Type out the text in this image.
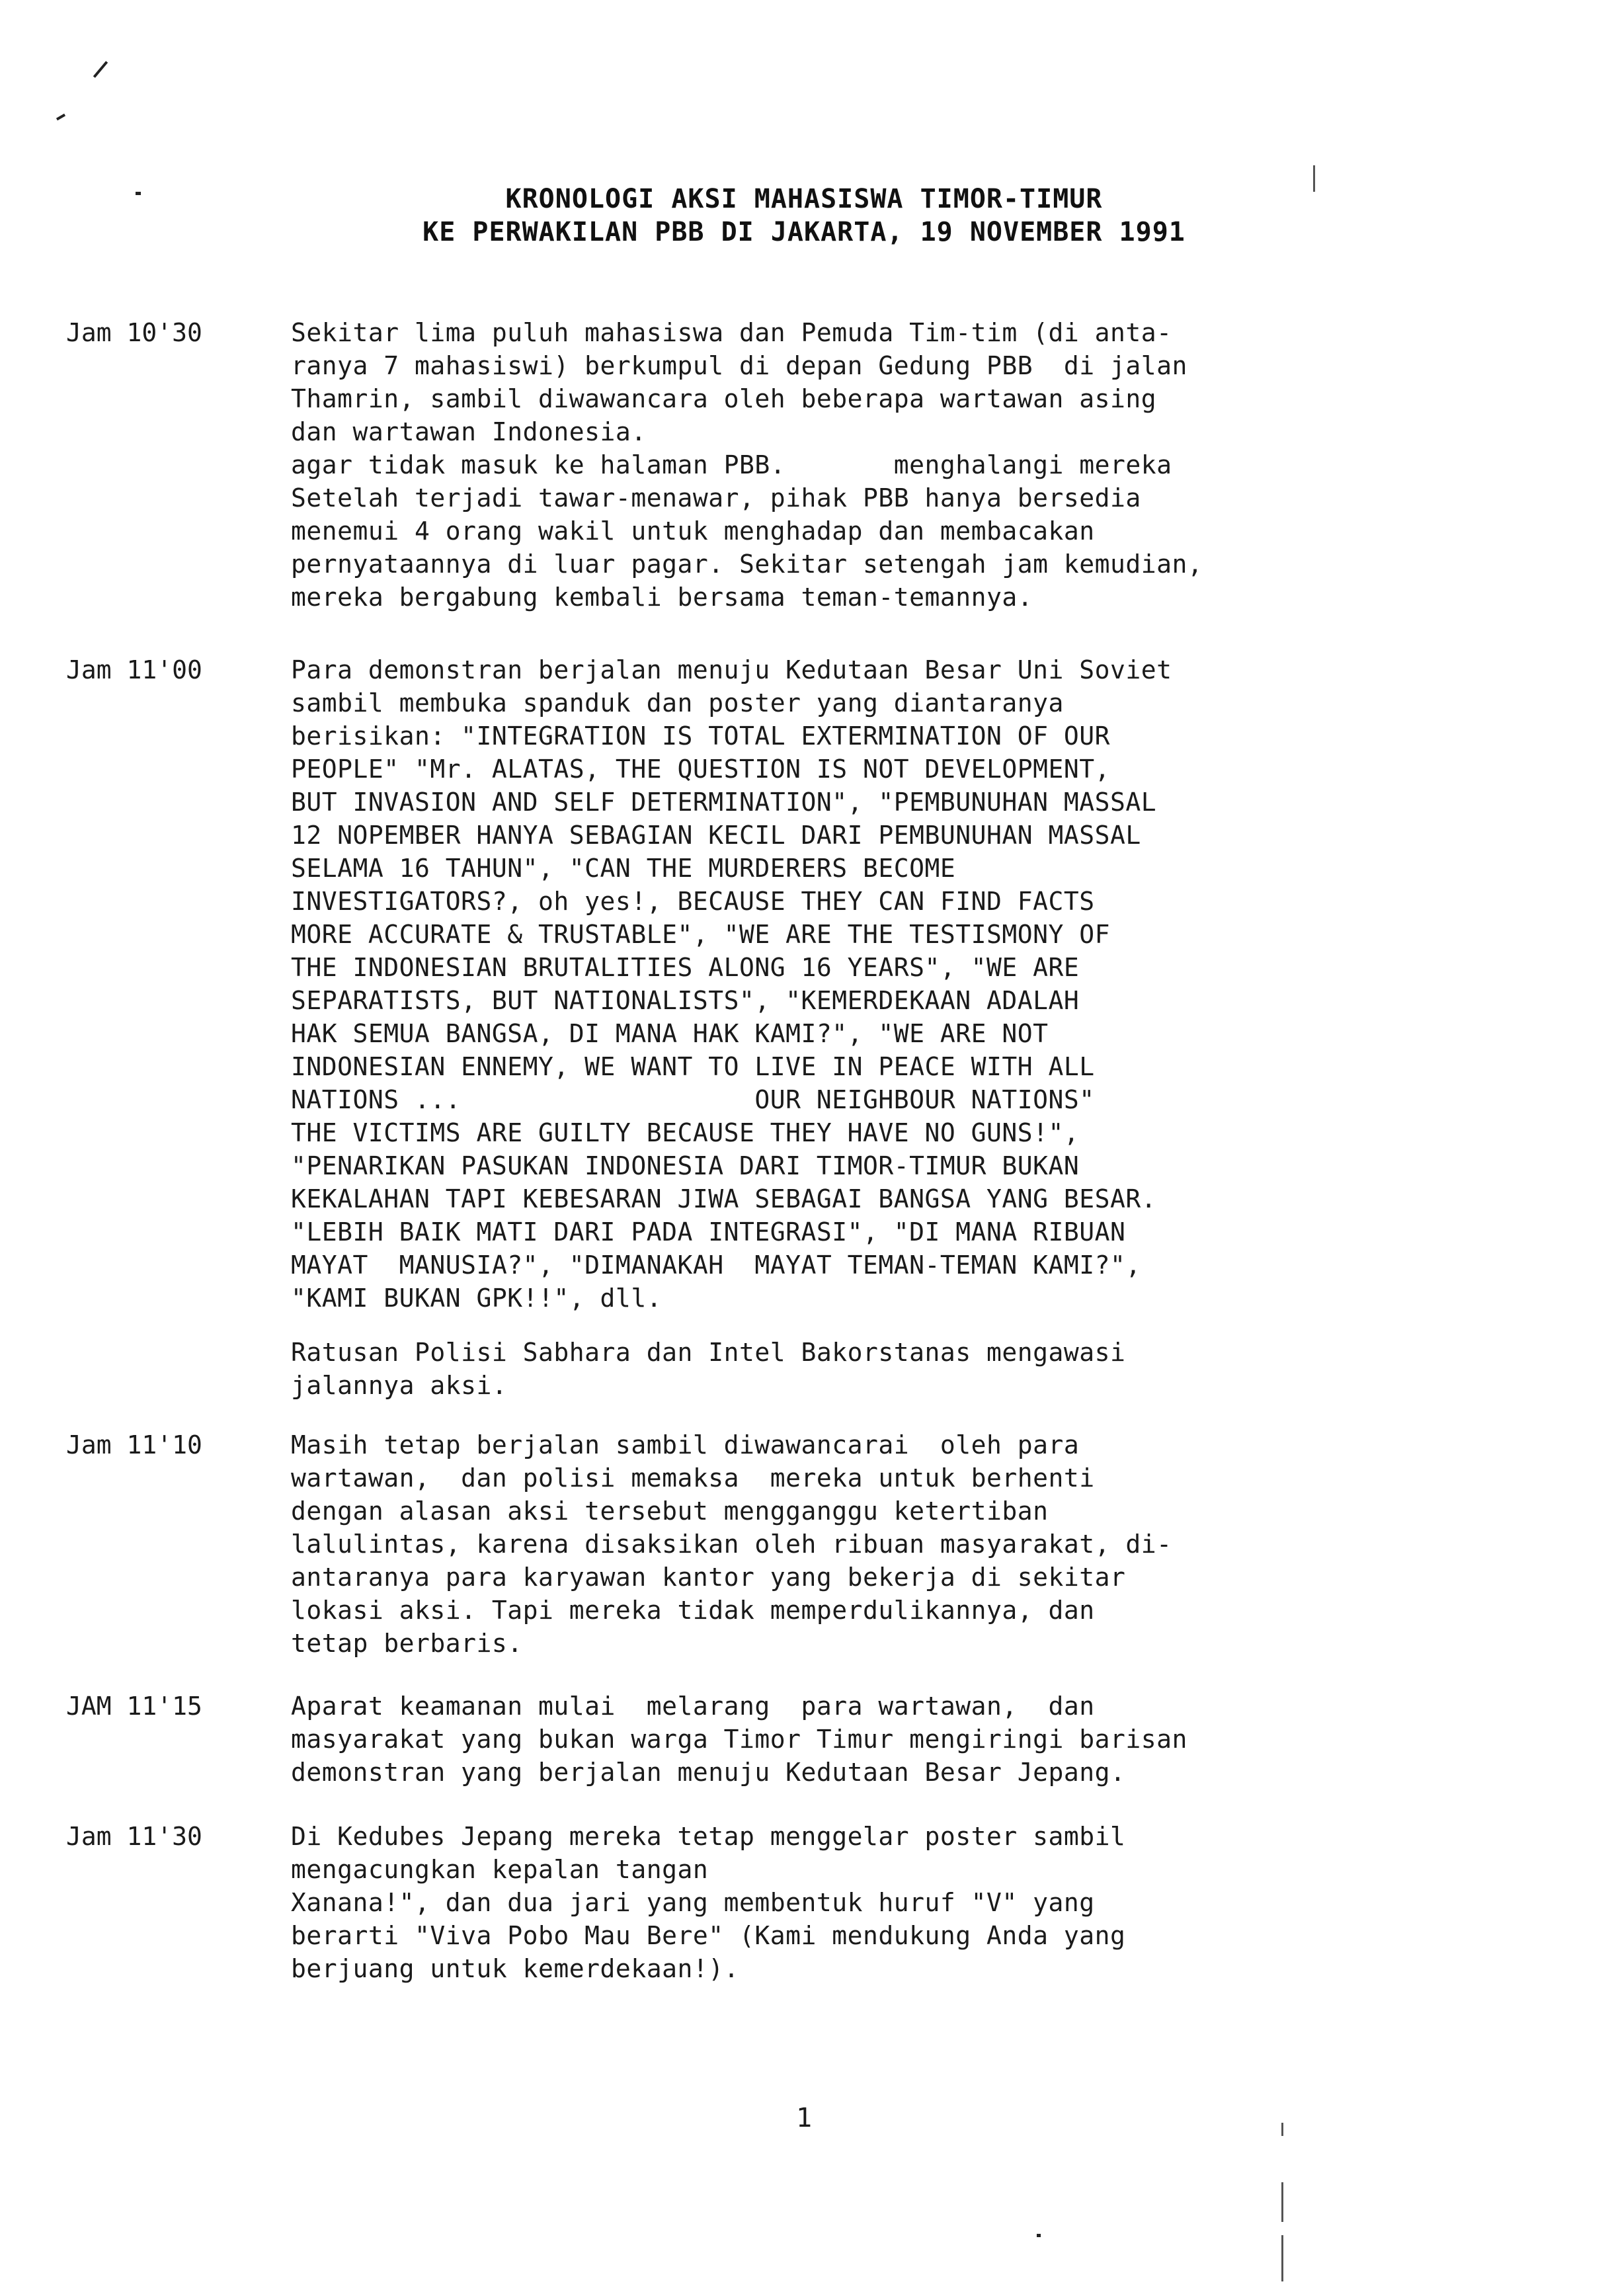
KRONOLOGI AKSI MAHASISWA TIMOR-TIMUR
KE PERWAKILAN PBB DI JAKARTA, 19 NOVEMBER 1991
Jam 10'30	Sekitar lima puluh mahasiswa dan Pemuda Tim-tim (di anta-
ranya 7 mahasiswi) berkumpul di depan Gedung PBB  di jalan
Thamrin, sambil diwawancara oleh beberapa wartawan asing
dan wartawan Indonesia.
agar tidak masuk ke halaman PBB.       menghalangi mereka
Setelah terjadi tawar-menawar, pihak PBB hanya bersedia
menemui 4 orang wakil untuk menghadap dan membacakan
pernyataannya di luar pagar. Sekitar setengah jam kemudian,
mereka bergabung kembali bersama teman-temannya.
Jam 11'00	Para demonstran berjalan menuju Kedutaan Besar Uni Soviet
sambil membuka spanduk dan poster yang diantaranya
berisikan: "INTEGRATION IS TOTAL EXTERMINATION OF OUR
PEOPLE" "Mr. ALATAS, THE QUESTION IS NOT DEVELOPMENT,
BUT INVASION AND SELF DETERMINATION", "PEMBUNUHAN MASSAL
12 NOPEMBER HANYA SEBAGIAN KECIL DARI PEMBUNUHAN MASSAL
SELAMA 16 TAHUN", "CAN THE MURDERERS BECOME
INVESTIGATORS?, oh yes!, BECAUSE THEY CAN FIND FACTS
MORE ACCURATE & TRUSTABLE", "WE ARE THE TESTISMONY OF
THE INDONESIAN BRUTALITIES ALONG 16 YEARS", "WE ARE
SEPARATISTS, BUT NATIONALISTS", "KEMERDEKAAN ADALAH
HAK SEMUA BANGSA, DI MANA HAK KAMI?", "WE ARE NOT
INDONESIAN ENNEMY, WE WANT TO LIVE IN PEACE WITH ALL
NATIONS ...                   OUR NEIGHBOUR NATIONS"
THE VICTIMS ARE GUILTY BECAUSE THEY HAVE NO GUNS!",
"PENARIKAN PASUKAN INDONESIA DARI TIMOR-TIMUR BUKAN
KEKALAHAN TAPI KEBESARAN JIWA SEBAGAI BANGSA YANG BESAR.
"LEBIH BAIK MATI DARI PADA INTEGRASI", "DI MANA RIBUAN
MAYAT  MANUSIA?", "DIMANAKAH  MAYAT TEMAN-TEMAN KAMI?",
"KAMI BUKAN GPK!!", dll.
Ratusan Polisi Sabhara dan Intel Bakorstanas mengawasi
jalannya aksi.
Jam 11'10	Masih tetap berjalan sambil diwawancarai  oleh para
wartawan,  dan polisi memaksa  mereka untuk berhenti
dengan alasan aksi tersebut mengganggu ketertiban
lalulintas, karena disaksikan oleh ribuan masyarakat, di-
antaranya para karyawan kantor yang bekerja di sekitar
lokasi aksi. Tapi mereka tidak memperdulikannya, dan
tetap berbaris.
JAM 11'15	Aparat keamanan mulai  melarang  para wartawan,  dan
masyarakat yang bukan warga Timor Timur mengiringi barisan
demonstran yang berjalan menuju Kedutaan Besar Jepang.
Jam 11'30	Di Kedubes Jepang mereka tetap menggelar poster sambil
mengacungkan kepalan tangan
Xanana!", dan dua jari yang membentuk huruf "V" yang
berarti "Viva Pobo Mau Bere" (Kami mendukung Anda yang
berjuang untuk kemerdekaan!).
1
